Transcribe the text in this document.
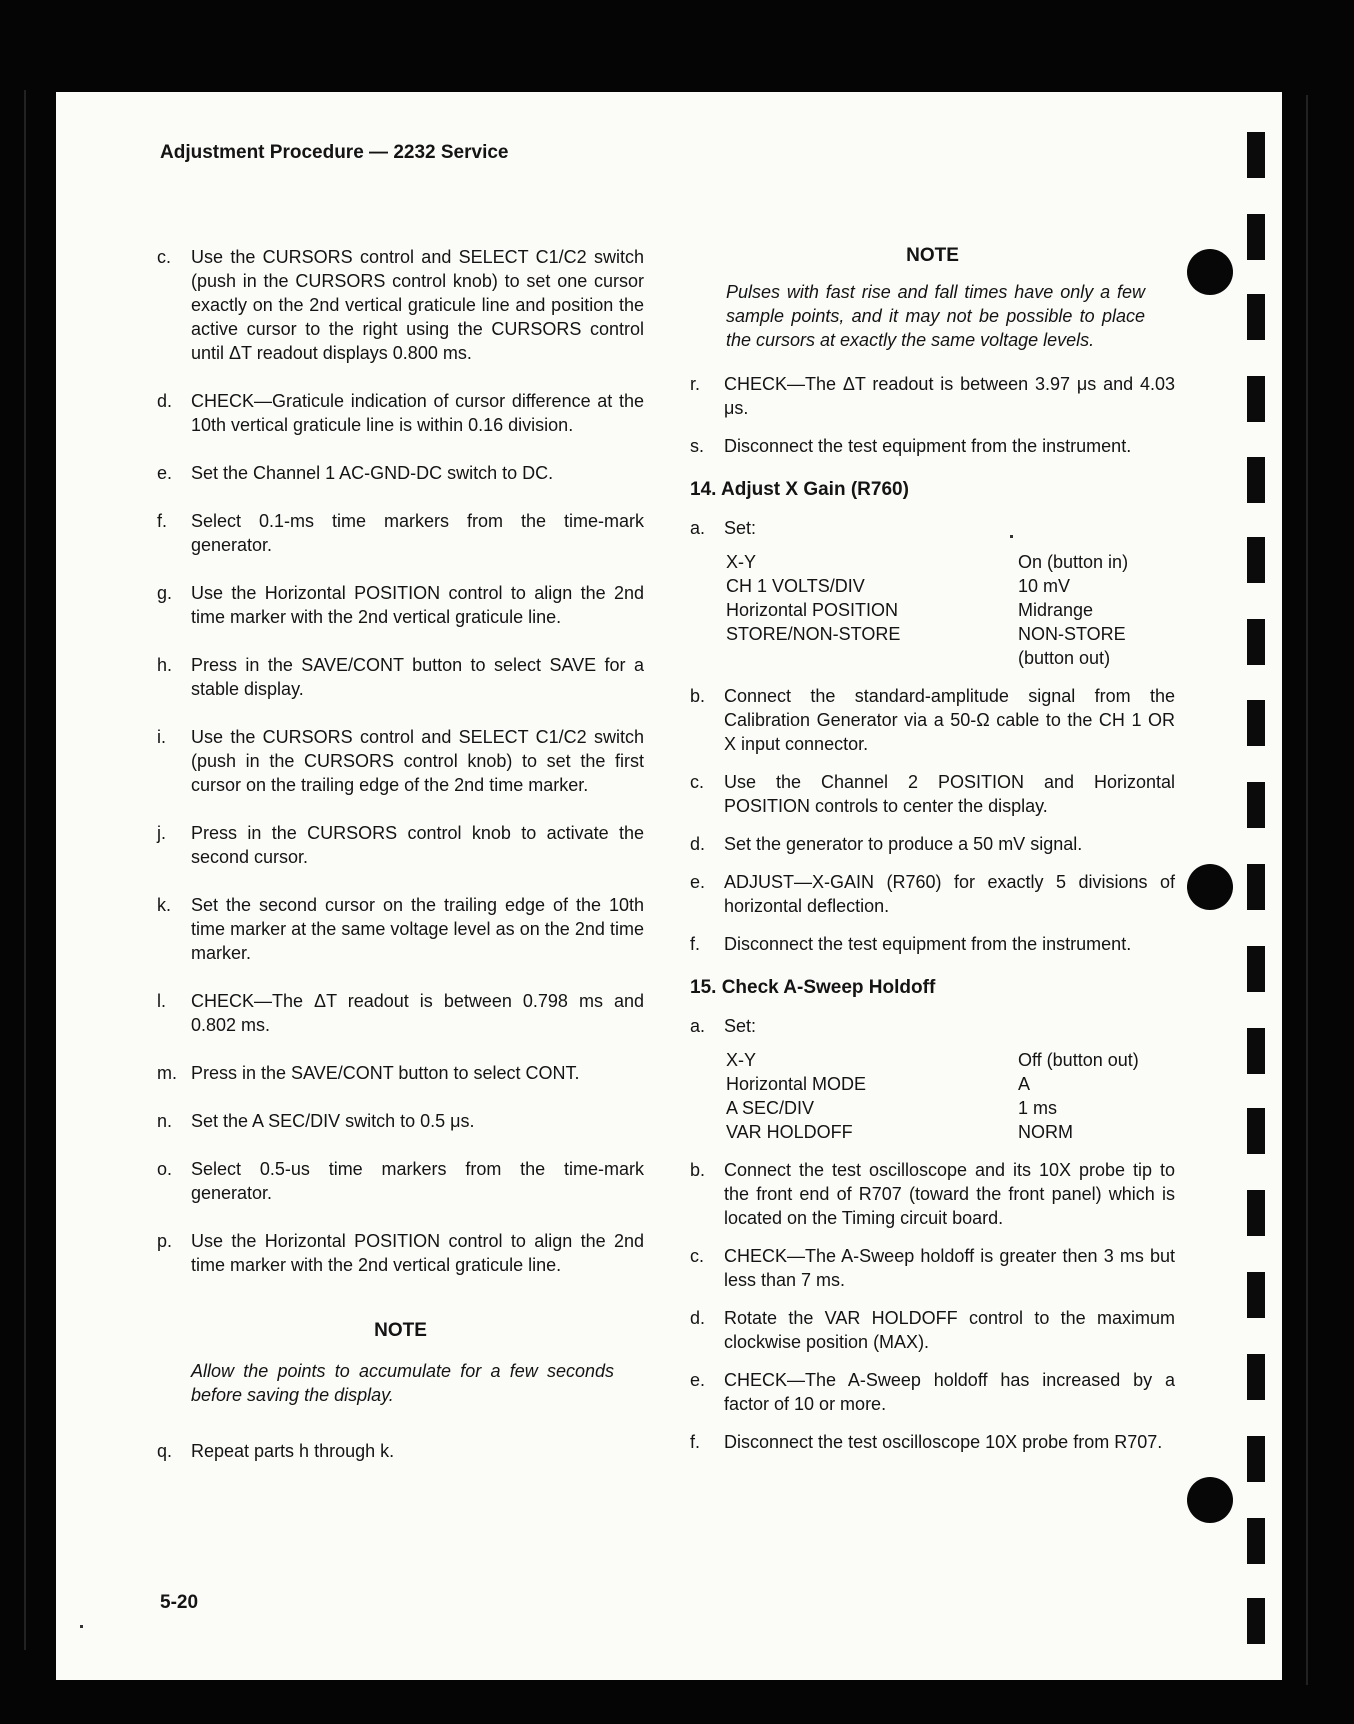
Adjustment Procedure — 2232 Service
c.	Use the CURSORS control and SELECT C1/C2 switch (push in the CURSORS control knob) to set one cursor exactly on the 2nd vertical graticule line and position the active cursor to the right using the CURSORS control until ΔT readout displays 0.800 ms.
d.	CHECK—Graticule indication of cursor difference at the 10th vertical graticule line is within 0.16 division.
e.	Set the Channel 1 AC-GND-DC switch to DC.
f.	Select 0.1-ms time markers from the time-mark generator.
g.	Use the Horizontal POSITION control to align the 2nd time marker with the 2nd vertical graticule line.
h.	Press in the SAVE/CONT button to select SAVE for a stable display.
i.	Use the CURSORS control and SELECT C1/C2 switch (push in the CURSORS control knob) to set the first cursor on the trailing edge of the 2nd time marker.
j.	Press in the CURSORS control knob to activate the second cursor.
k.	Set the second cursor on the trailing edge of the 10th time marker at the same voltage level as on the 2nd time marker.
l.	CHECK—The ΔT readout is between 0.798 ms and 0.802 ms.
m. Press in the SAVE/CONT button to select CONT.
n.	Set the A SEC/DIV switch to 0.5 μs.
o.	Select 0.5-us time markers from the time-mark generator.
p.	Use the Horizontal POSITION control to align the 2nd time marker with the 2nd vertical graticule line.
NOTE
Allow the points to accumulate for a few seconds before saving the display.
q.	Repeat parts h through k.
NOTE
Pulses with fast rise and fall times have only a few sample points, and it may not be possible to place the cursors at exactly the same voltage levels.
r.	CHECK—The ΔT readout is between 3.97 μs and 4.03 μs.
s.	Disconnect the test equipment from the instrument.
14. Adjust X Gain (R760)
a.	Set:
X-Y	On (button in)
CH 1 VOLTS/DIV	10 mV
Horizontal POSITION	Midrange
STORE/NON-STORE	NON-STORE
(button out)
b.	Connect the standard-amplitude signal from the Calibration Generator via a 50-Ω cable to the CH 1 OR X input connector.
c.	Use the Channel 2 POSITION and Horizontal POSITION controls to center the display.
d.	Set the generator to produce a 50 mV signal.
e.	ADJUST—X-GAIN (R760) for exactly 5 divisions of horizontal deflection.
f.	Disconnect the test equipment from the instrument.
15. Check A-Sweep Holdoff
a.	Set:
X-Y	Off (button out)
Horizontal MODE	A
A SEC/DIV	1 ms
VAR HOLDOFF	NORM
b.	Connect the test oscilloscope and its 10X probe tip to the front end of R707 (toward the front panel) which is located on the Timing circuit board.
c.	CHECK—The A-Sweep holdoff is greater then 3 ms but less than 7 ms.
d.	Rotate the VAR HOLDOFF control to the maximum clockwise position (MAX).
e.	CHECK—The A-Sweep holdoff has increased by a factor of 10 or more.
f.	Disconnect the test oscilloscope 10X probe from R707.
5-20
